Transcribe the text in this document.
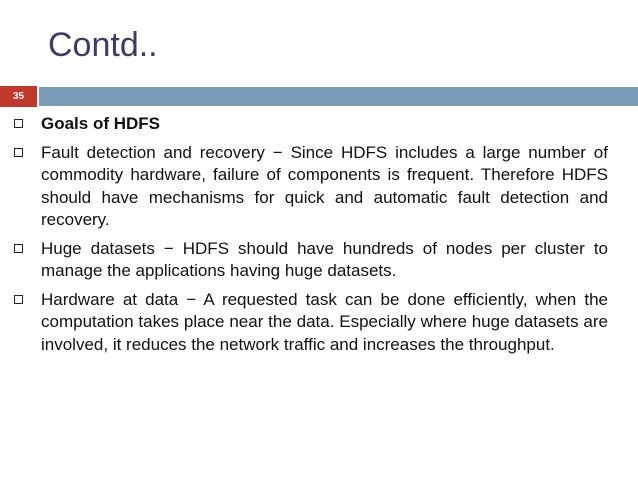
Contd..
35
Goals of HDFS
Fault detection and recovery − Since HDFS includes a large number of commodity hardware, failure of components is frequent. Therefore HDFS should have mechanisms for quick and automatic fault detection and recovery.
Huge datasets − HDFS should have hundreds of nodes per cluster to manage the applications having huge datasets.
Hardware at data − A requested task can be done efficiently, when the computation takes place near the data. Especially where huge datasets are involved, it reduces the network traffic and increases the throughput.
